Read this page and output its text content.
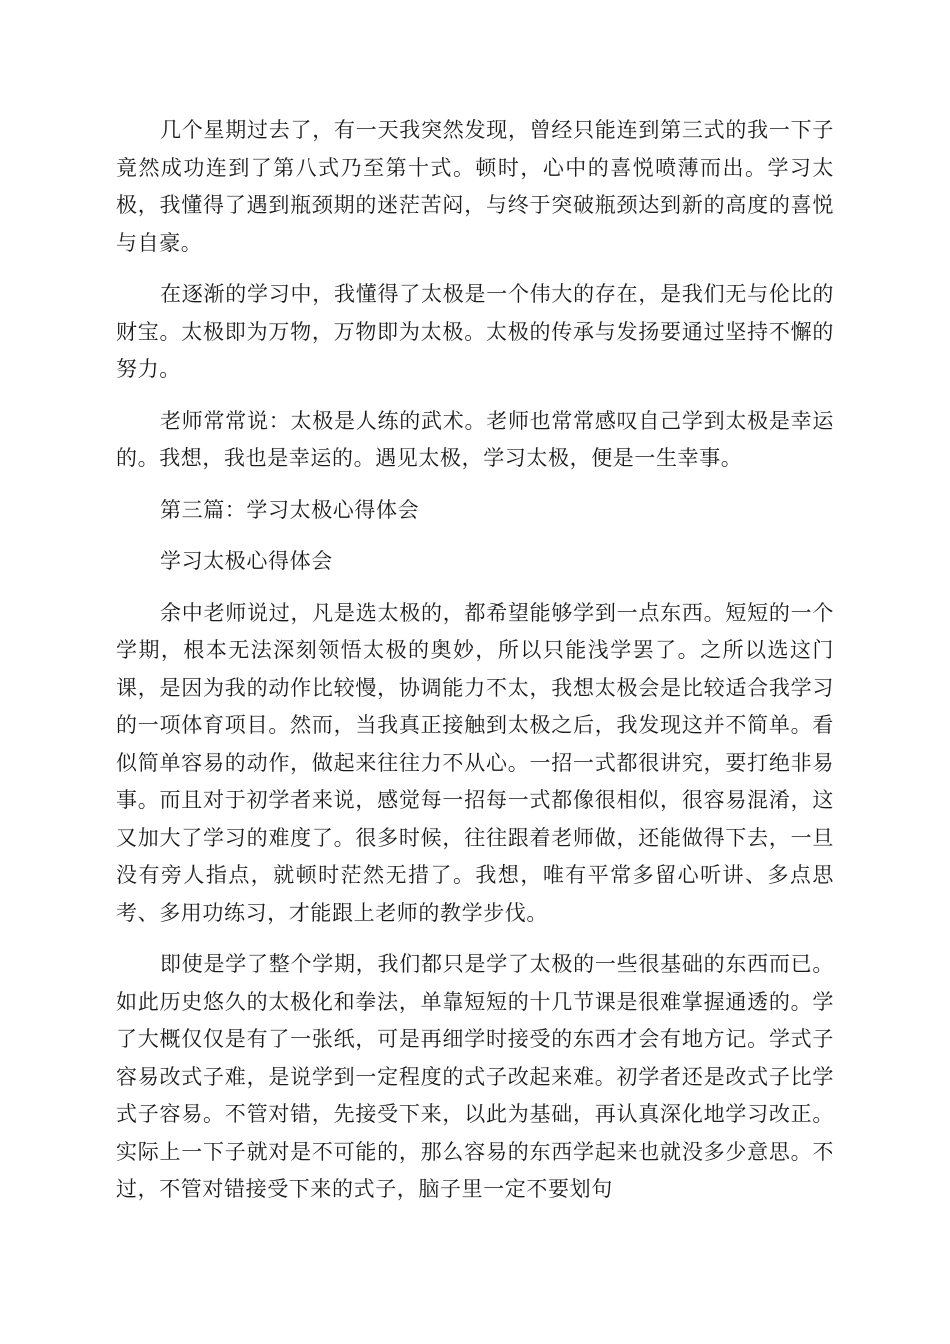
几个星期过去了，有一天我突然发现，曾经只能连到第三式的我一下子竟然成功连到了第八式乃至第十式。顿时，心中的喜悦喷薄而出。学习太极，我懂得了遇到瓶颈期的迷茫苦闷，与终于突破瓶颈达到新的高度的喜悦与自豪。

在逐渐的学习中，我懂得了太极是一个伟大的存在，是我们无与伦比的财宝。太极即为万物，万物即为太极。太极的传承与发扬要通过坚持不懈的努力。

老师常常说：太极是人练的武术。老师也常常感叹自己学到太极是幸运的。我想，我也是幸运的。遇见太极，学习太极，便是一生幸事。

第三篇：学习太极心得体会

学习太极心得体会

余中老师说过，凡是选太极的，都希望能够学到一点东西。短短的一个学期，根本无法深刻领悟太极的奥妙，所以只能浅学罢了。之所以选这门课，是因为我的动作比较慢，协调能力不太，我想太极会是比较适合我学习的一项体育项目。然而，当我真正接触到太极之后，我发现这并不简单。看似简单容易的动作，做起来往往力不从心。一招一式都很讲究，要打绝非易事。而且对于初学者来说，感觉每一招每一式都像很相似，很容易混淆，这又加大了学习的难度了。很多时候，往往跟着老师做，还能做得下去，一旦没有旁人指点，就顿时茫然无措了。我想，唯有平常多留心听讲、多点思考、多用功练习，才能跟上老师的教学步伐。

即使是学了整个学期，我们都只是学了太极的一些很基础的东西而已。如此历史悠久的太极化和拳法，单靠短短的十几节课是很难掌握通透的。学了大概仅仅是有了一张纸，可是再细学时接受的东西才会有地方记。学式子容易改式子难，是说学到一定程度的式子改起来难。初学者还是改式子比学式子容易。不管对错，先接受下来，以此为基础，再认真深化地学习改正。实际上一下子就对是不可能的，那么容易的东西学起来也就没多少意思。不过，不管对错接受下来的式子，脑子里一定不要划句
